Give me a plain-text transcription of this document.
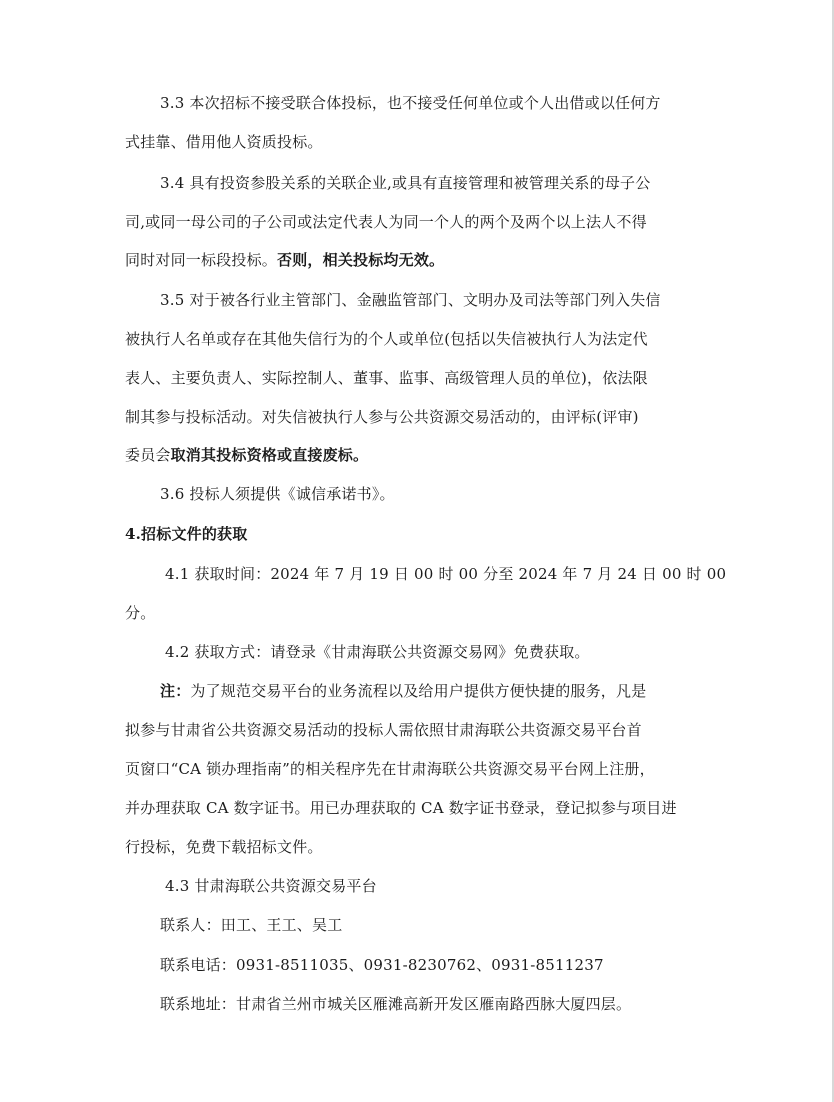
3.3 本次招标不接受联合体投标，也不接受任何单位或个人出借或以任何方
式挂靠、借用他人资质投标。
3.4 具有投资参股关系的关联企业,或具有直接管理和被管理关系的母子公
司,或同一母公司的子公司或法定代表人为同一个人的两个及两个以上法人不得
同时对同一标段投标。否则，相关投标均无效。
3.5 对于被各行业主管部门、金融监管部门、文明办及司法等部门列入失信
被执行人名单或存在其他失信行为的个人或单位(包括以失信被执行人为法定代
表人、主要负责人、实际控制人、董事、监事、高级管理人员的单位)，依法限
制其参与投标活动。对失信被执行人参与公共资源交易活动的，由评标(评审)
委员会取消其投标资格或直接废标。
3.6 投标人须提供《诚信承诺书》。
4.招标文件的获取
4.1 获取时间：2024 年 7 月 19 日 00 时 00 分至 2024 年 7 月 24 日 00 时 00
分。
4.2 获取方式：请登录《甘肃海联公共资源交易网》免费获取。
注：为了规范交易平台的业务流程以及给用户提供方便快捷的服务，凡是
拟参与甘肃省公共资源交易活动的投标人需依照甘肃海联公共资源交易平台首
页窗口“CA 锁办理指南”的相关程序先在甘肃海联公共资源交易平台网上注册，
并办理获取 CA 数字证书。用已办理获取的 CA 数字证书登录，登记拟参与项目进
行投标，免费下载招标文件。
4.3 甘肃海联公共资源交易平台
联系人：田工、王工、吴工
联系电话：0931-8511035、0931-8230762、0931-8511237
联系地址：甘肃省兰州市城关区雁滩高新开发区雁南路西脉大厦四层。
